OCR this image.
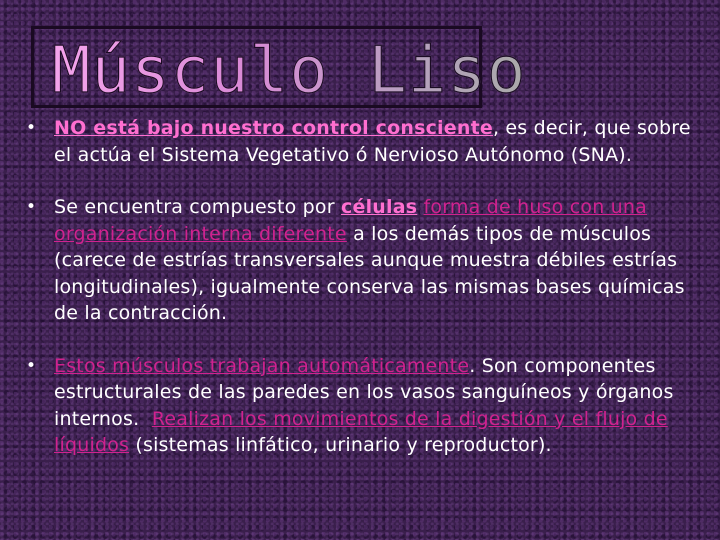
Músculo Liso
• NO está bajo nuestro control consciente, es decir, que sobre el actúa el Sistema Vegetativo ó Nervioso Autónomo (SNA).
• Se encuentra compuesto por células forma de huso con una organización interna diferente a los demás tipos de músculos (carece de estrías transversales aunque muestra débiles estrías longitudinales), igualmente conserva las mismas bases químicas de la contracción.
• Estos músculos trabajan automáticamente. Son componentes estructurales de las paredes en los vasos sanguíneos y órganos internos.  Realizan los movimientos de la digestión y el flujo de líquidos (sistemas linfático, urinario y reproductor).
